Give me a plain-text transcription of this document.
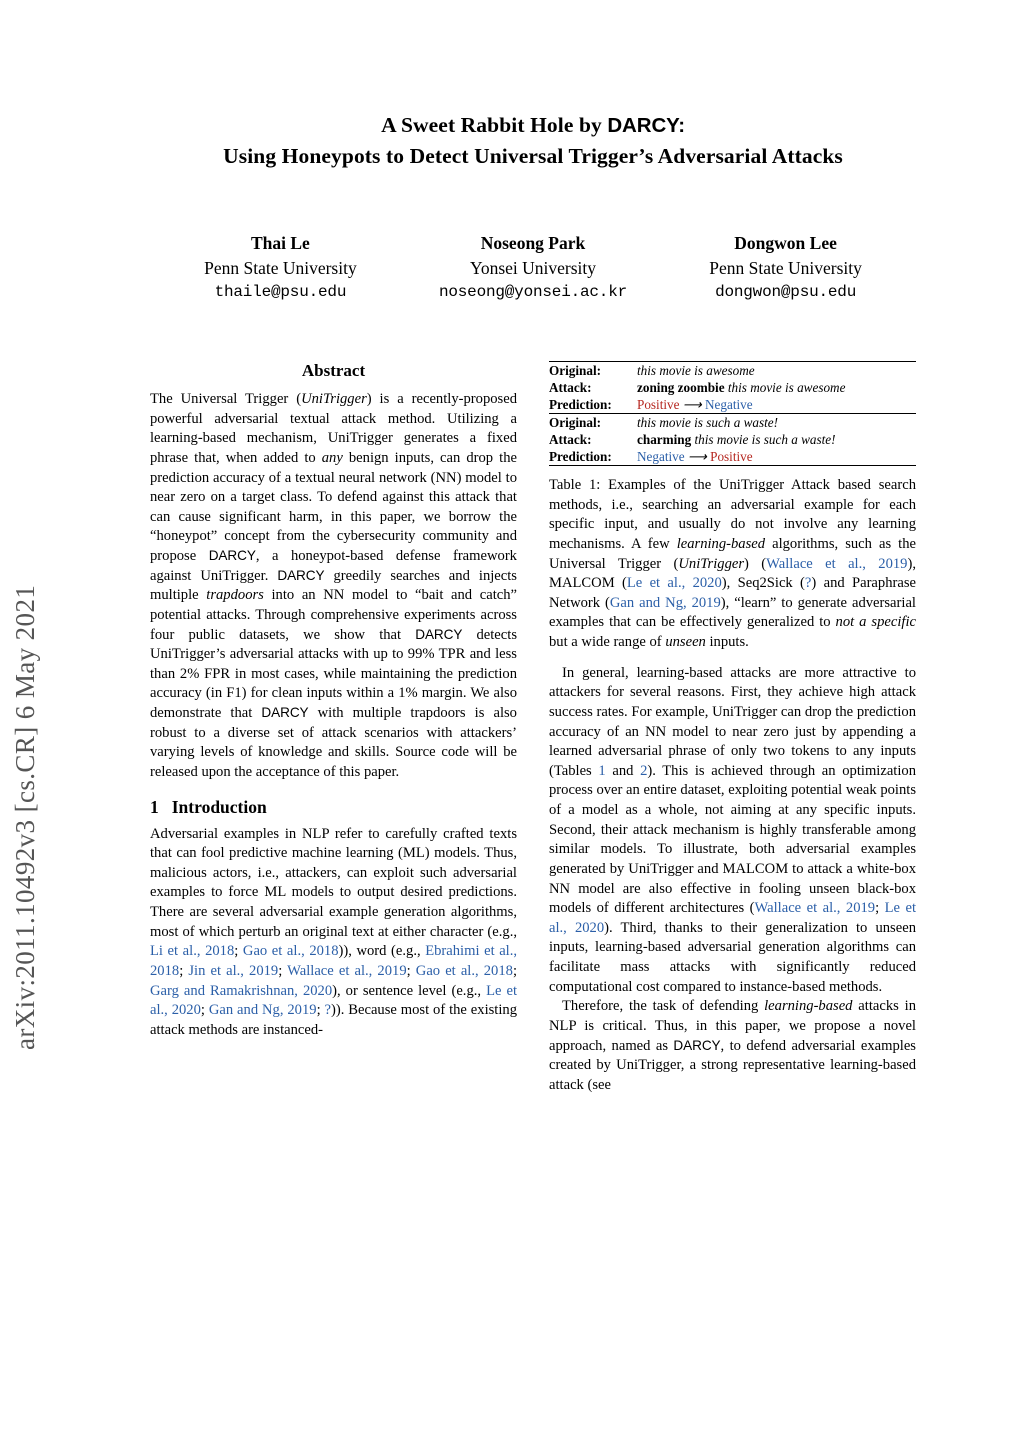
arXiv:2011.10492v3 [cs.CR] 6 May 2021
A Sweet Rabbit Hole by DARCY:
Using Honeypots to Detect Universal Trigger’s Adversarial Attacks
Thai Le
Penn State University
thaile@psu.edu
Noseong Park
Yonsei University
noseong@yonsei.ac.kr
Dongwon Lee
Penn State University
dongwon@psu.edu
Abstract

The Universal Trigger (UniTrigger) is a recently-proposed powerful adversarial textual attack method. Utilizing a learning-based mechanism, UniTrigger generates a fixed phrase that, when added to any benign inputs, can drop the prediction accuracy of a textual neural network (NN) model to near zero on a target class. To defend against this attack that can cause significant harm, in this paper, we borrow the “honeypot” concept from the cybersecurity community and propose DARCY, a honeypot-based defense framework against UniTrigger. DARCY greedily searches and injects multiple trapdoors into an NN model to “bait and catch” potential attacks. Through comprehensive experiments across four public datasets, we show that DARCY detects UniTrigger’s adversarial attacks with up to 99% TPR and less than 2% FPR in most cases, while maintaining the prediction accuracy (in F1) for clean inputs within a 1% margin. We also demonstrate that DARCY with multiple trapdoors is also robust to a diverse set of attack scenarios with attackers’ varying levels of knowledge and skills. Source code will be released upon the acceptance of this paper.

1 Introduction

Adversarial examples in NLP refer to carefully crafted texts that can fool predictive machine learning (ML) models. Thus, malicious actors, i.e., attackers, can exploit such adversarial examples to force ML models to output desired predictions. There are several adversarial example generation algorithms, most of which perturb an original text at either character (e.g., Li et al., 2018; Gao et al., 2018)), word (e.g., Ebrahimi et al., 2018; Jin et al., 2019; Wallace et al., 2019; Gao et al., 2018; Garg and Ramakrishnan, 2020), or sentence level (e.g., Le et al., 2020; Gan and Ng, 2019; ?)). Because most of the existing attack methods are instanced-

Original:	this movie is awesome
Attack:	zoning zoombie this movie is awesome
Prediction:	Positive ⟶ Negative
Original:	this movie is such a waste!
Attack:	charming this movie is such a waste!
Prediction:	Negative ⟶ Positive

Table 1: Examples of the UniTrigger Attack based search methods, i.e., searching an adversarial example for each specific input, and usually do not involve any learning mechanisms. A few learning-based algorithms, such as the Universal Trigger (UniTrigger) (Wallace et al., 2019), MALCOM (Le et al., 2020), Seq2Sick (?) and Paraphrase Network (Gan and Ng, 2019), “learn” to generate adversarial examples that can be effectively generalized to not a specific but a wide range of unseen inputs.

In general, learning-based attacks are more attractive to attackers for several reasons. First, they achieve high attack success rates. For example, UniTrigger can drop the prediction accuracy of an NN model to near zero just by appending a learned adversarial phrase of only two tokens to any inputs (Tables 1 and 2). This is achieved through an optimization process over an entire dataset, exploiting potential weak points of a model as a whole, not aiming at any specific inputs. Second, their attack mechanism is highly transferable among similar models. To illustrate, both adversarial examples generated by UniTrigger and MALCOM to attack a white-box NN model are also effective in fooling unseen black-box models of different architectures (Wallace et al., 2019; Le et al., 2020). Third, thanks to their generalization to unseen inputs, learning-based adversarial generation algorithms can facilitate mass attacks with significantly reduced computational cost compared to instance-based methods.

Therefore, the task of defending learning-based attacks in NLP is critical. Thus, in this paper, we propose a novel approach, named as DARCY, to defend adversarial examples created by UniTrigger, a strong representative learning-based attack (see
